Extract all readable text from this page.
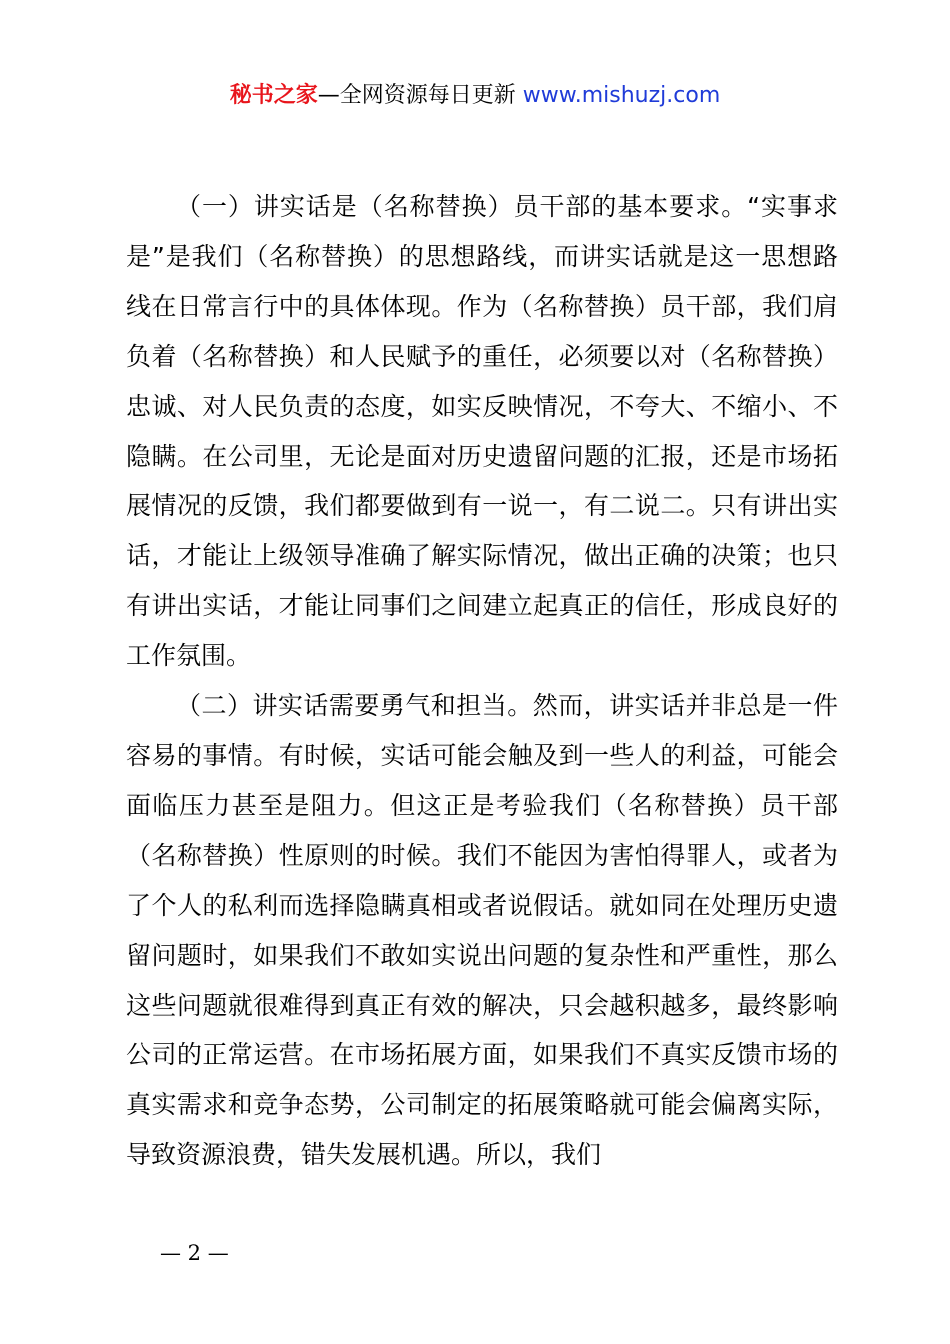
秘书之家—全网资源每日更新 www.mishuzj.com

（一）讲实话是（名称替换）员干部的基本要求。“实事求是”是我们（名称替换）的思想路线，而讲实话就是这一思想路线在日常言行中的具体体现。作为（名称替换）员干部，我们肩负着（名称替换）和人民赋予的重任，必须要以对（名称替换）忠诚、对人民负责的态度，如实反映情况，不夸大、不缩小、不隐瞒。在公司里，无论是面对历史遗留问题的汇报，还是市场拓展情况的反馈，我们都要做到有一说一，有二说二。只有讲出实话，才能让上级领导准确了解实际情况，做出正确的决策；也只有讲出实话，才能让同事们之间建立起真正的信任，形成良好的工作氛围。

（二）讲实话需要勇气和担当。然而，讲实话并非总是一件容易的事情。有时候，实话可能会触及到一些人的利益，可能会面临压力甚至是阻力。但这正是考验我们（名称替换）员干部（名称替换）性原则的时候。我们不能因为害怕得罪人，或者为了个人的私利而选择隐瞒真相或者说假话。就如同在处理历史遗留问题时，如果我们不敢如实说出问题的复杂性和严重性，那么这些问题就很难得到真正有效的解决，只会越积越多，最终影响公司的正常运营。在市场拓展方面，如果我们不真实反馈市场的真实需求和竞争态势，公司制定的拓展策略就可能会偏离实际，导致资源浪费，错失发展机遇。所以，我们

— 2 —
